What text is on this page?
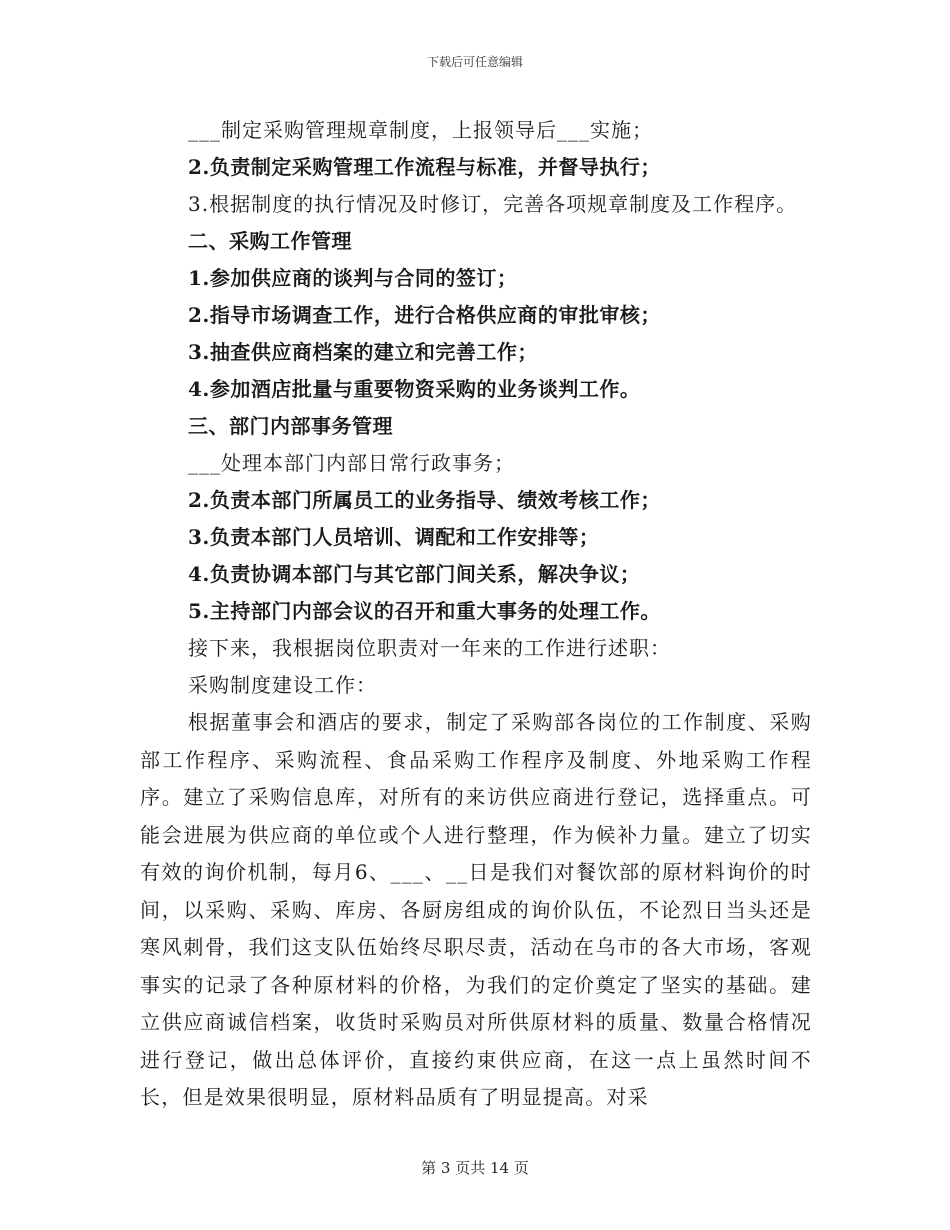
下载后可任意编辑
___制定采购管理规章制度，上报领导后___实施；
2.负责制定采购管理工作流程与标准，并督导执行；
3.根据制度的执行情况及时修订，完善各项规章制度及工作程序。
二、采购工作管理
1.参加供应商的谈判与合同的签订；
2.指导市场调查工作，进行合格供应商的审批审核；
3.抽查供应商档案的建立和完善工作；
4.参加酒店批量与重要物资采购的业务谈判工作。
三、部门内部事务管理
___处理本部门内部日常行政事务；
2.负责本部门所属员工的业务指导、绩效考核工作；
3.负责本部门人员培训、调配和工作安排等；
4.负责协调本部门与其它部门间关系，解决争议；
5.主持部门内部会议的召开和重大事务的处理工作。
接下来，我根据岗位职责对一年来的工作进行述职：
采购制度建设工作：

根据董事会和酒店的要求，制定了采购部各岗位的工作制度、采购部工作程序、采购流程、食品采购工作程序及制度、外地采购工作程序。建立了采购信息库，对所有的来访供应商进行登记，选择重点。可能会进展为供应商的单位或个人进行整理，作为候补力量。建立了切实有效的询价机制，每月6、___、__日是我们对餐饮部的原材料询价的时间，以采购、采购、库房、各厨房组成的询价队伍，不论烈日当头还是寒风刺骨，我们这支队伍始终尽职尽责，活动在乌市的各大市场，客观事实的记录了各种原材料的价格，为我们的定价奠定了坚实的基础。建立供应商诚信档案，收货时采购员对所供原材料的质量、数量合格情况进行登记，做出总体评价，直接约束供应商，在这一点上虽然时间不长，但是效果很明显，原材料品质有了明显提高。对采

第 3 页共 14 页
